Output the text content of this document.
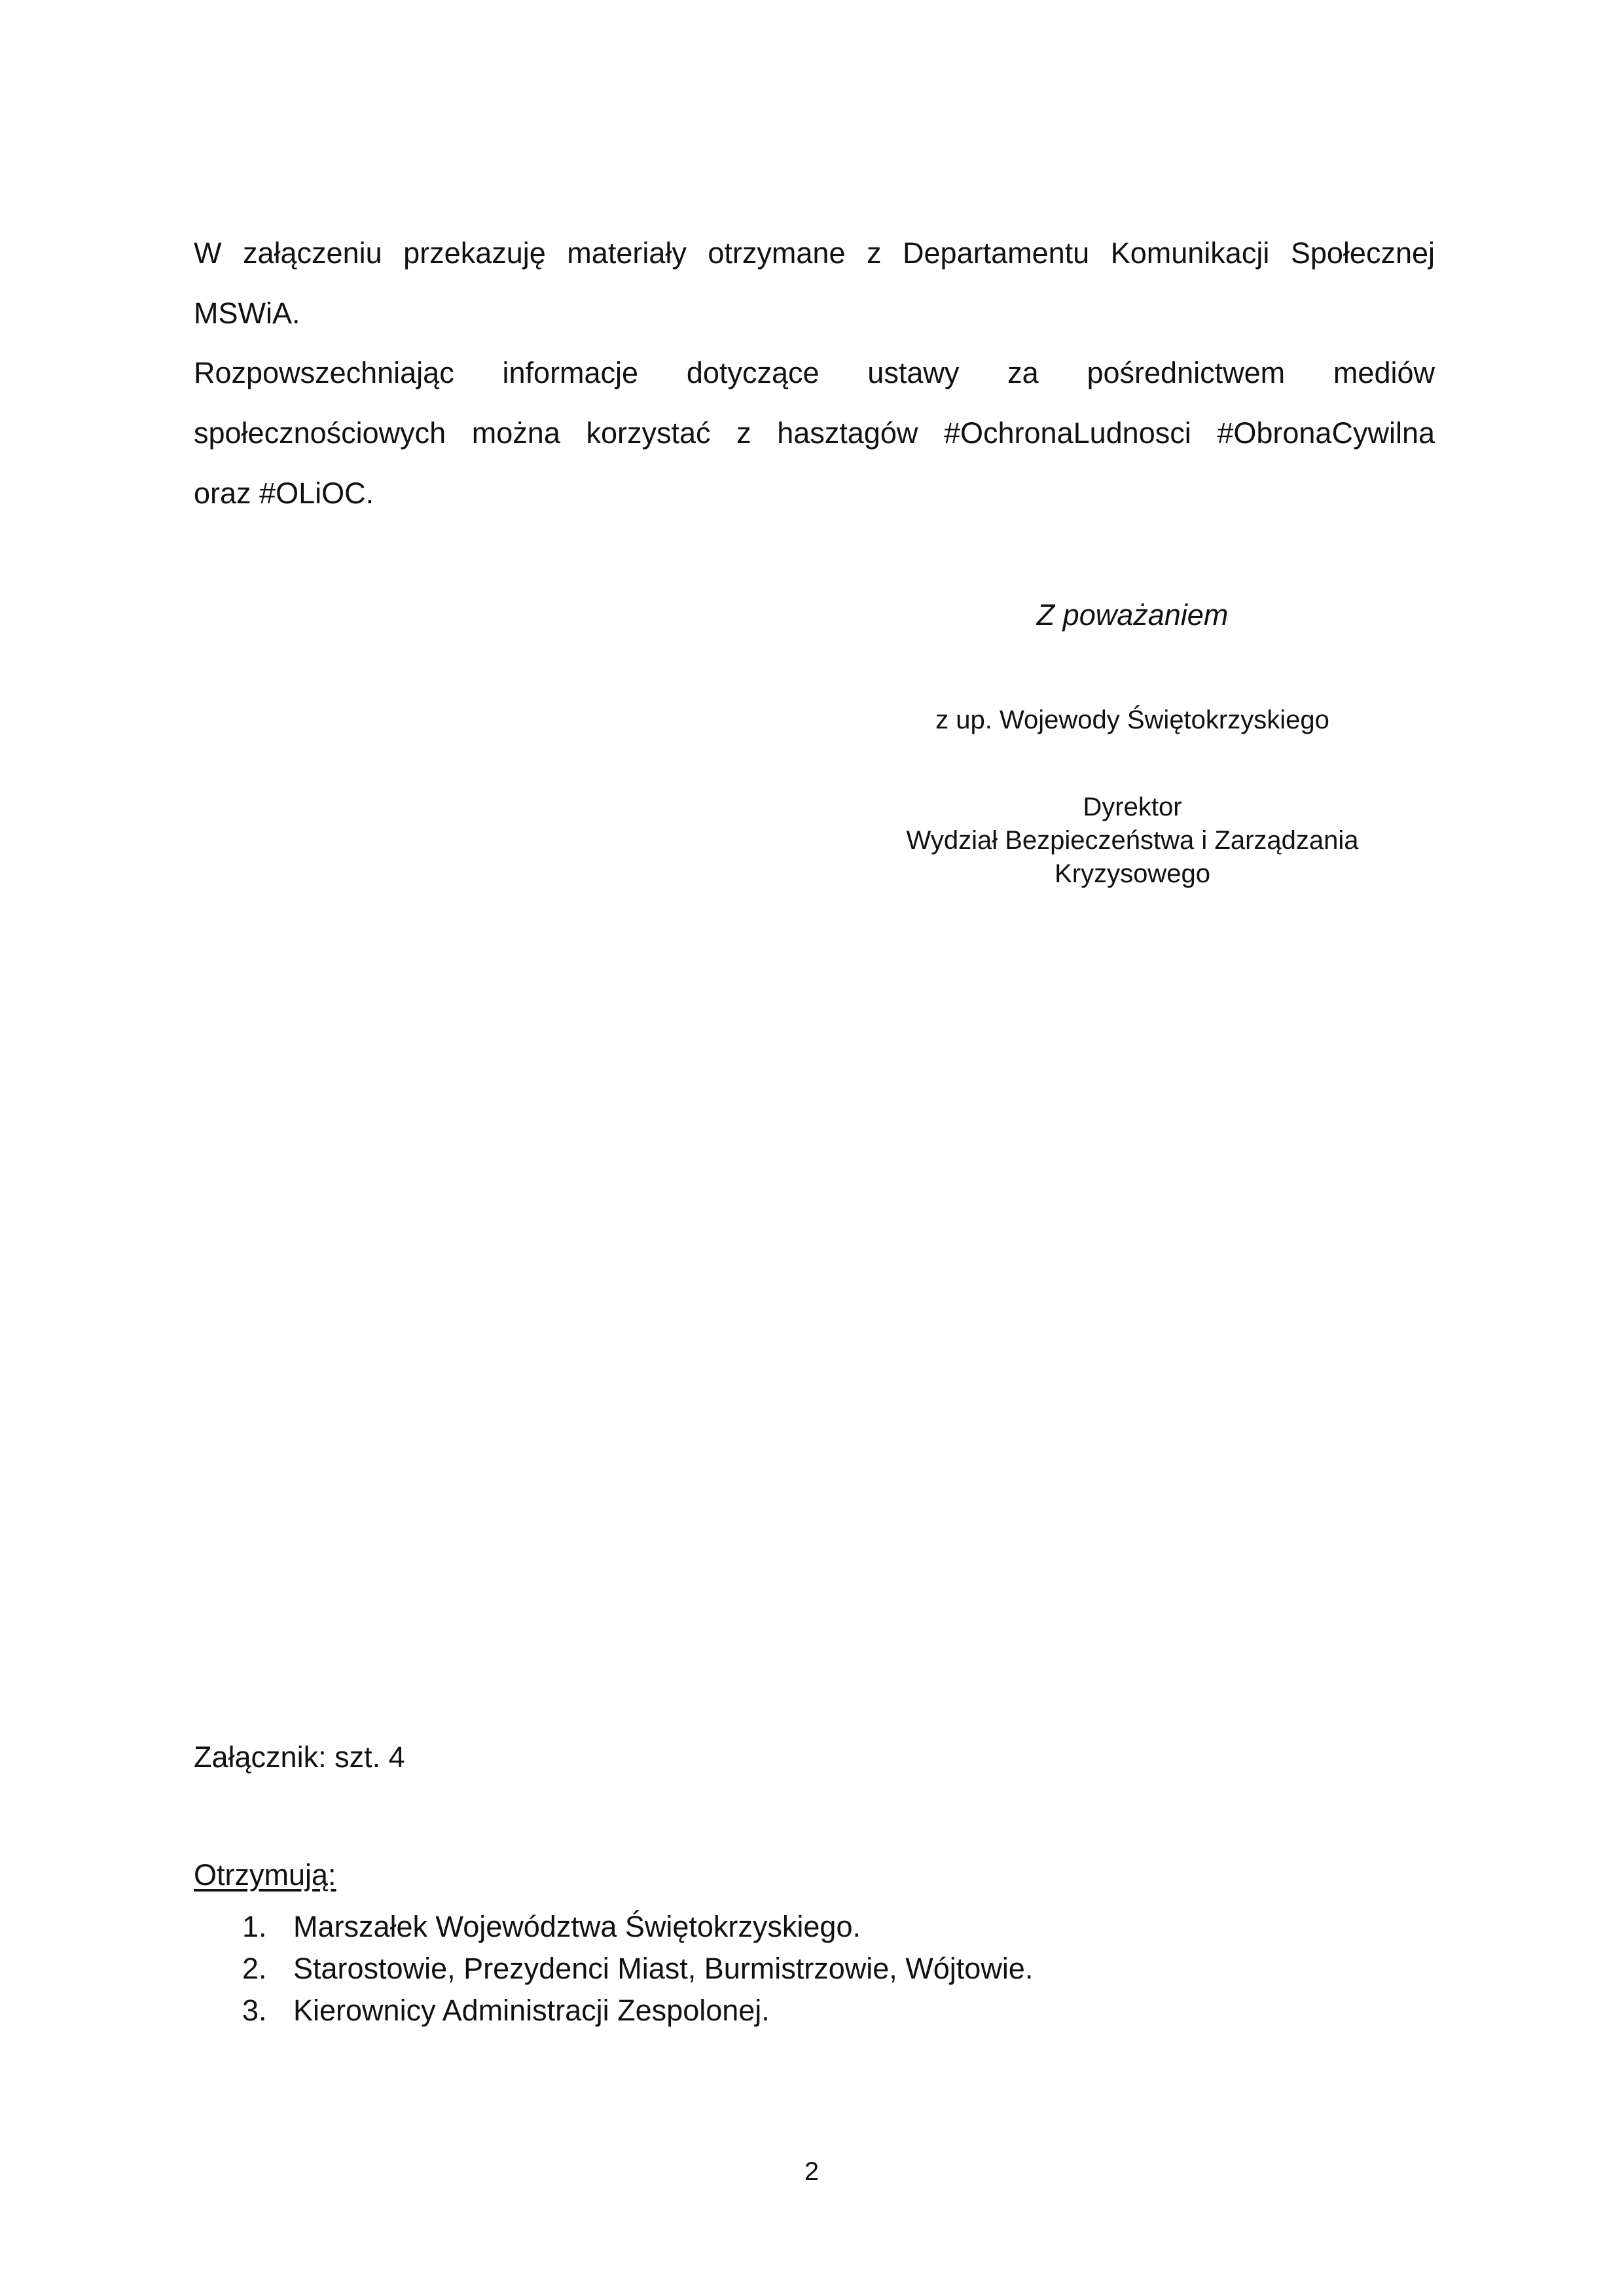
W załączeniu przekazuję materiały otrzymane z Departamentu Komunikacji Społecznej MSWiA.
Rozpowszechniając informacje dotyczące ustawy za pośrednictwem mediów
społecznościowych można korzystać z hasztagów #OchronaLudnosci #ObronaCywilna
oraz #OLiOC.
Z poważaniem
z up. Wojewody Świętokrzyskiego
Dyrektor
Wydział Bezpieczeństwa i Zarządzania
Kryzysowego
Załącznik: szt. 4
Otrzymują:
1. Marszałek Województwa Świętokrzyskiego.
2. Starostowie, Prezydenci Miast, Burmistrzowie, Wójtowie.
3. Kierownicy Administracji Zespolonej.
2
